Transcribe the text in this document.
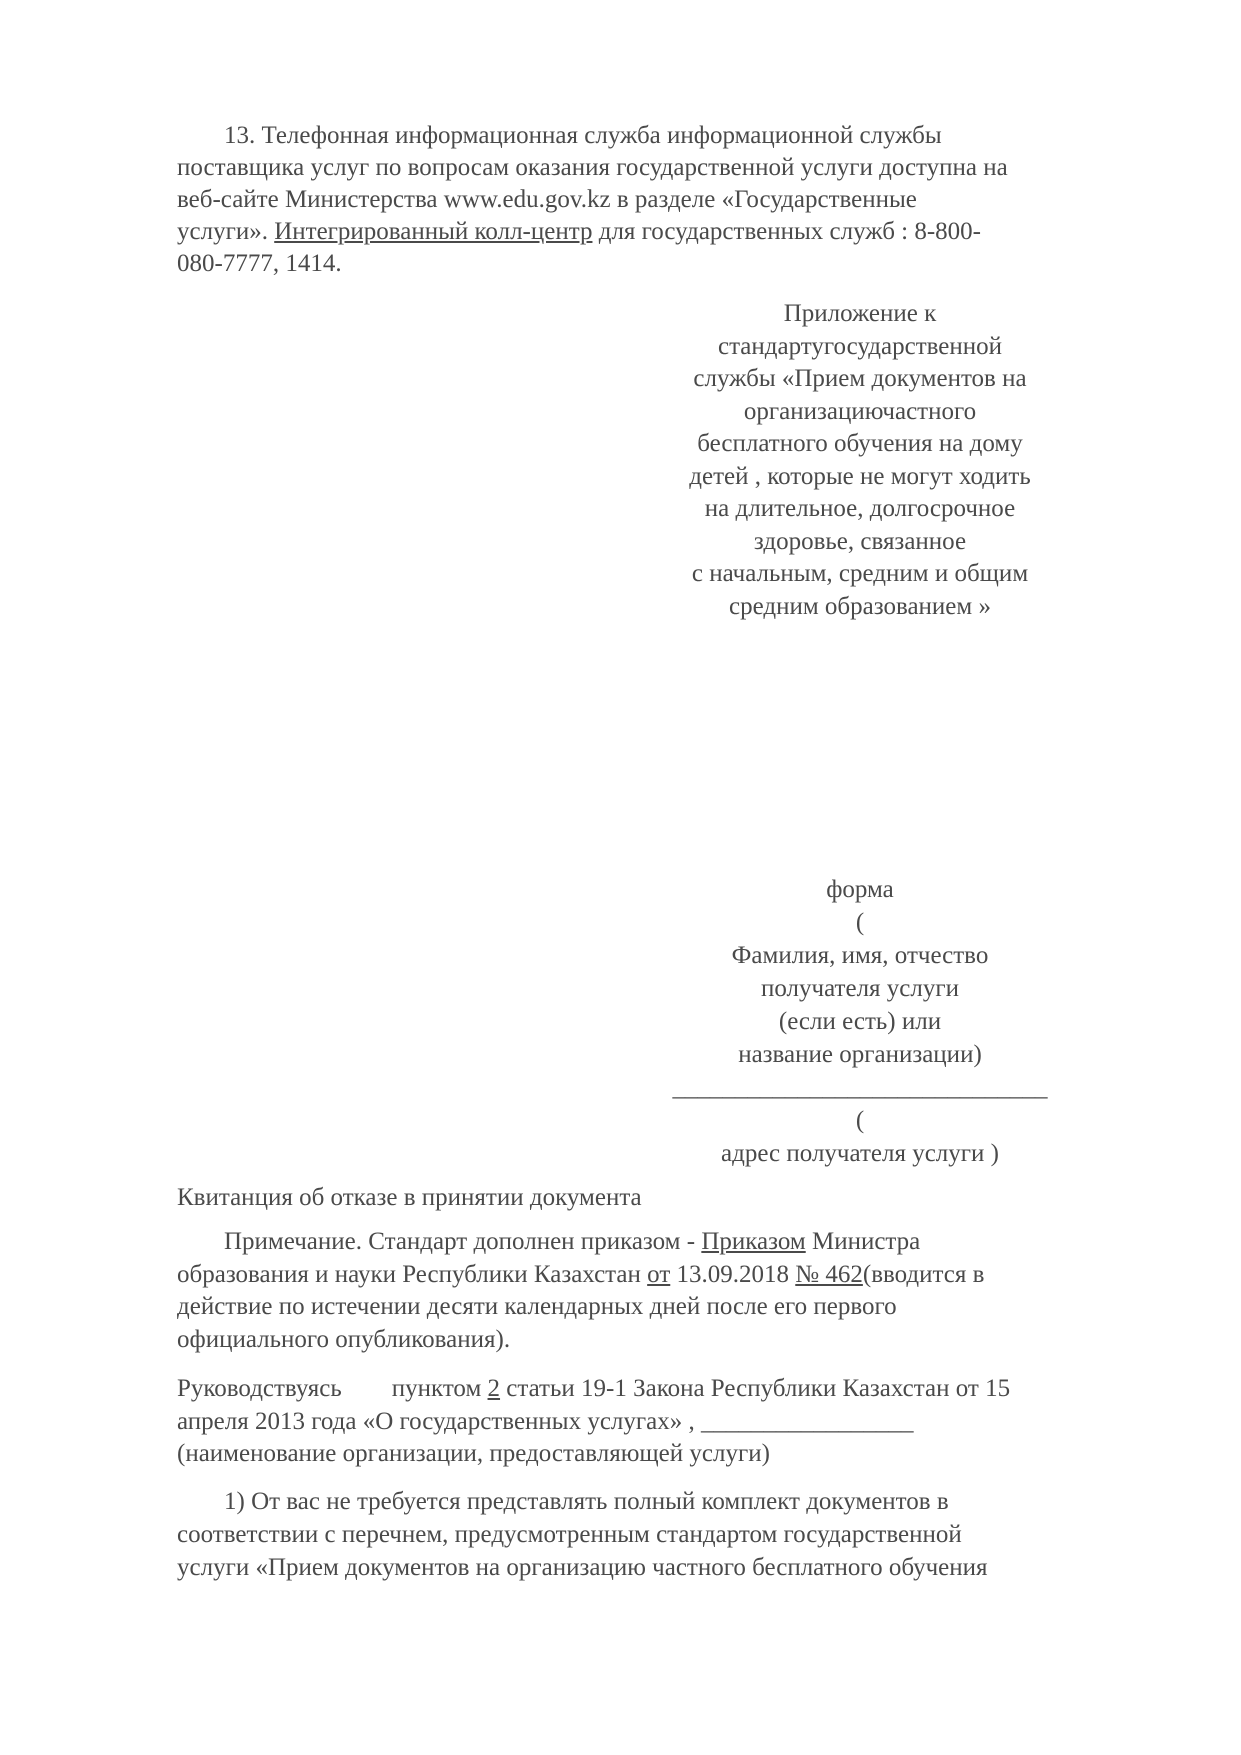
13. Телефонная информационная служба информационной службы
поставщика услуг по вопросам оказания государственной услуги доступна на
веб-сайте Министерства www.edu.gov.kz в разделе «Государственные
услуги». Интегрированный колл-центр для государственных служб : 8-800-
080-7777, 1414.
Приложение к
стандартугосударственной
службы «Прием документов на
организациючастного
бесплатного обучения на дому
детей , которые не могут ходить
на длительное, долгосрочное
здоровье, связанное
с начальным, средним и общим
средним образованием »
форма
(
Фамилия, имя, отчество
получателя услуги
(если есть) или
название организации)
______________________________
(
адрес получателя услуги )
Квитанция об отказе в принятии документа
Примечание. Стандарт дополнен приказом - Приказом Министра
образования и науки Республики Казахстан от 13.09.2018 № 462(вводится в
действие по истечении десяти календарных дней после его первого
официального опубликования).
Руководствуясь        пунктом 2 статьи 19-1 Закона Республики Казахстан от 15
апреля 2013 года «О государственных услугах» , _________________
(наименование организации, предоставляющей услуги)
1) От вас не требуется представлять полный комплект документов в
соответствии с перечнем, предусмотренным стандартом государственной
услуги «Прием документов на организацию частного бесплатного обучения
